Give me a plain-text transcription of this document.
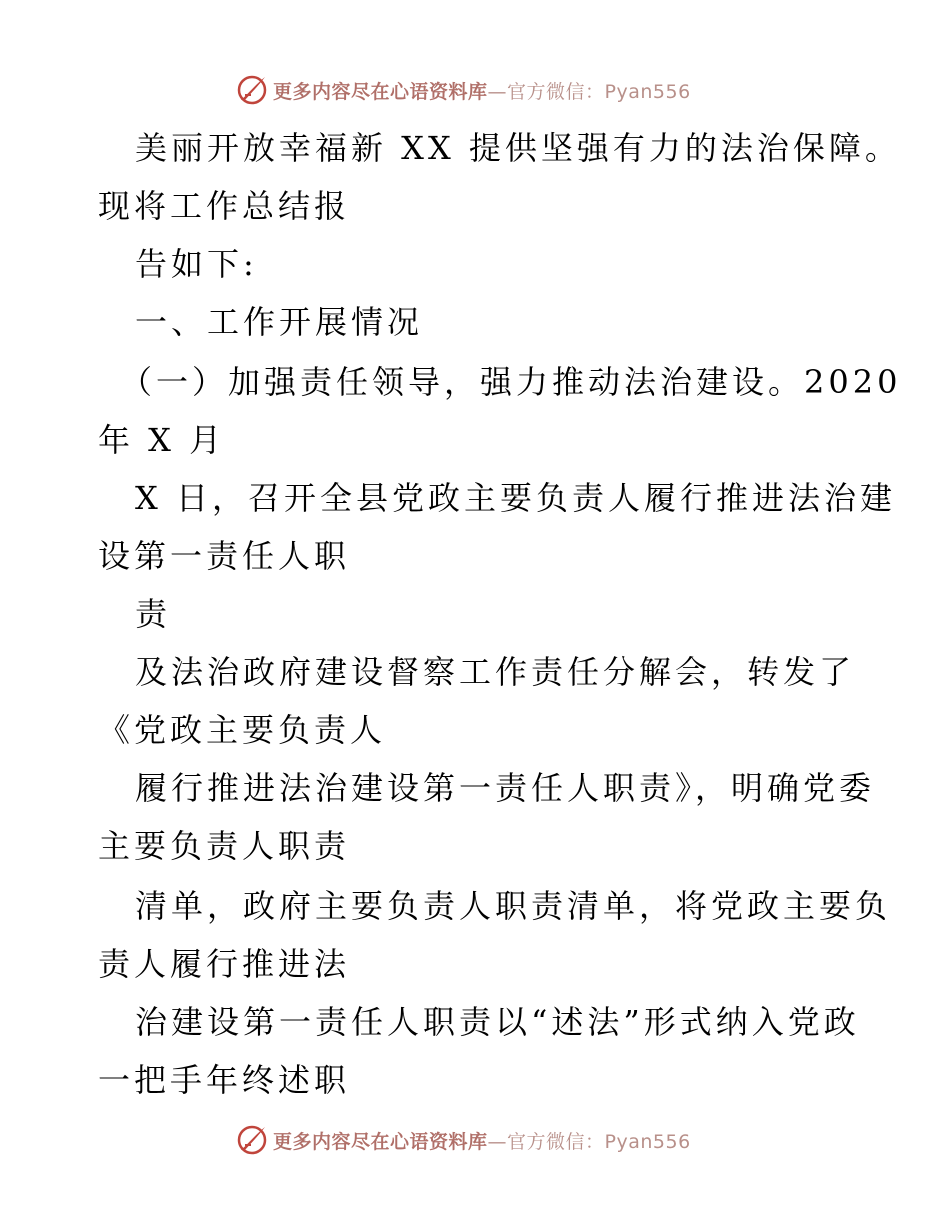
更多内容尽在心语资料库—官方微信：Pyan556
美丽开放幸福新 XX 提供坚强有力的法治保障。
现将工作总结报
告如下:
一、工作开展情况
（一）加强责任领导，强力推动法治建设。2020
年 X 月
X 日，召开全县党政主要负责人履行推进法治建
设第一责任人职
责
及法治政府建设督察工作责任分解会，转发了
《党政主要负责人
履行推进法治建设第一责任人职责》，明确党委
主要负责人职责
清单，政府主要负责人职责清单，将党政主要负
责人履行推进法
治建设第一责任人职责以“述法”形式纳入党政
一把手年终述职
更多内容尽在心语资料库—官方微信：Pyan556
